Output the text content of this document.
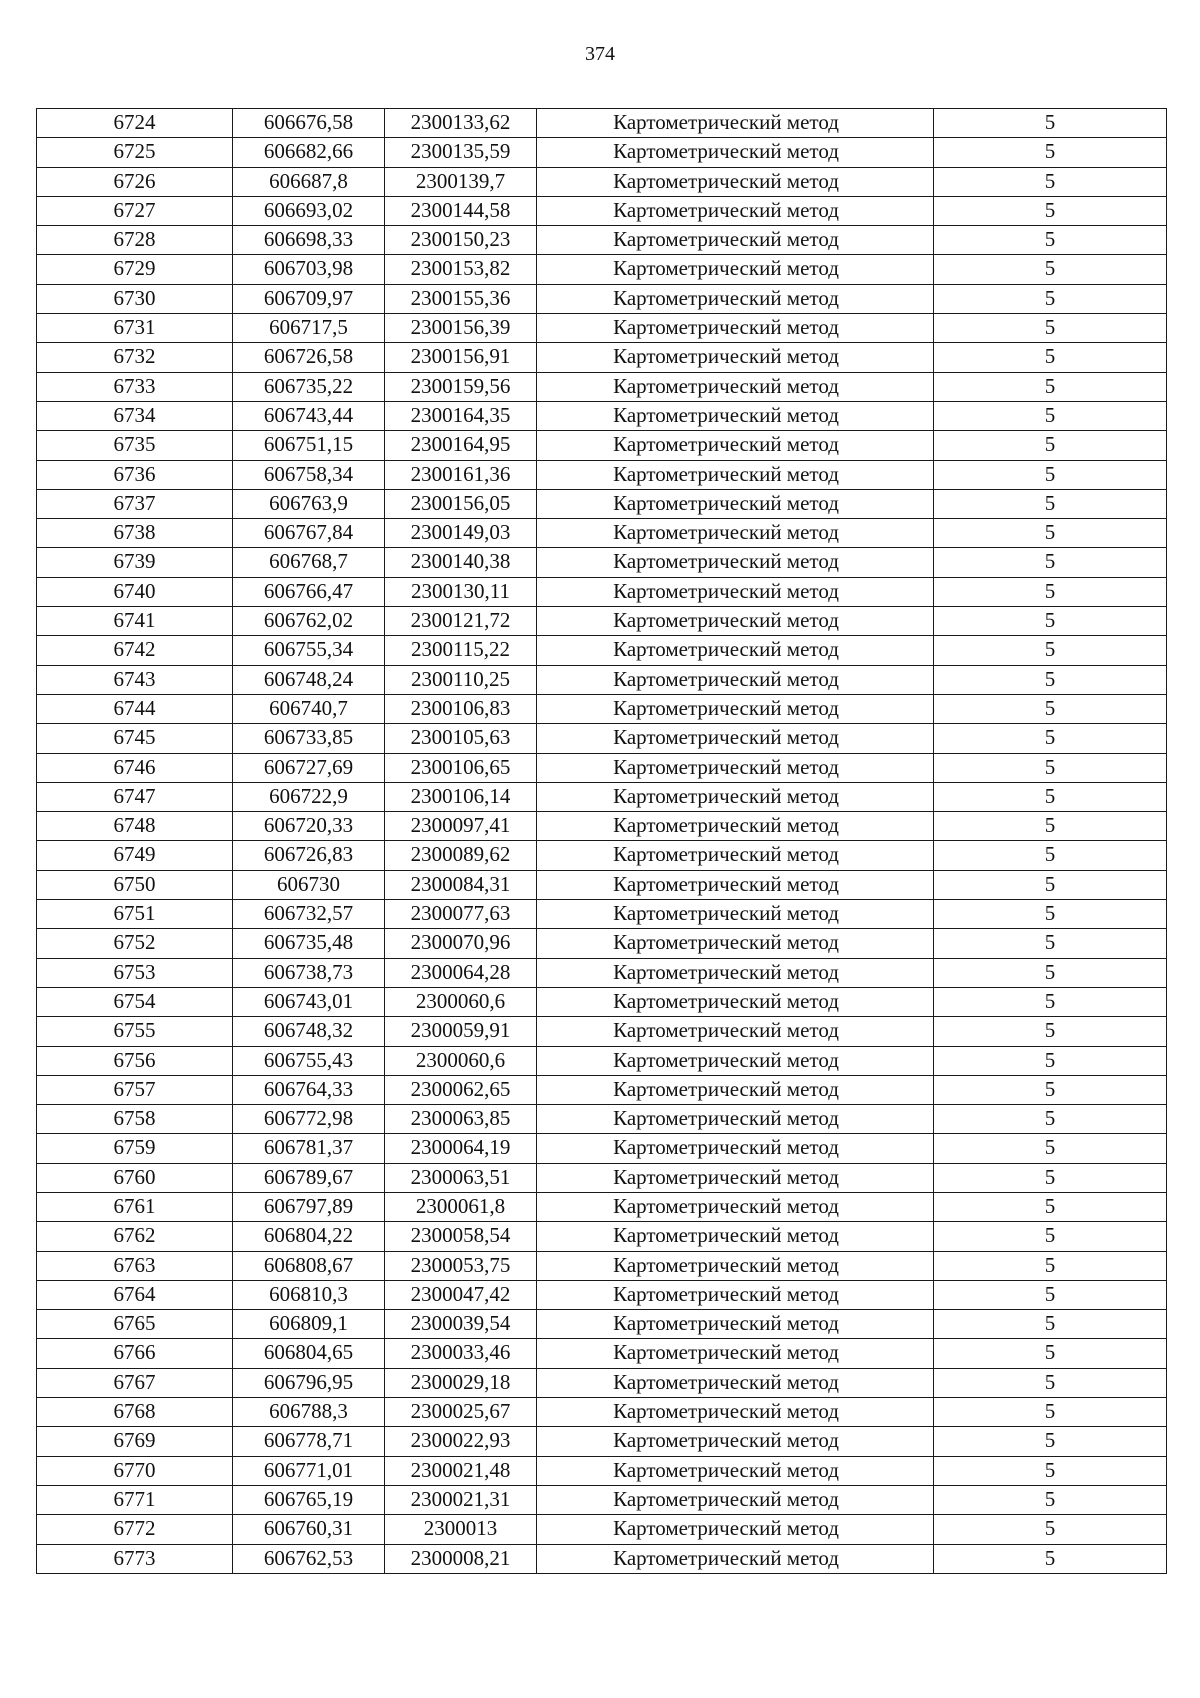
374
6724	606676,58	2300133,62	Картометрический метод	5
6725	606682,66	2300135,59	Картометрический метод	5
6726	606687,8	2300139,7	Картометрический метод	5
6727	606693,02	2300144,58	Картометрический метод	5
6728	606698,33	2300150,23	Картометрический метод	5
6729	606703,98	2300153,82	Картометрический метод	5
6730	606709,97	2300155,36	Картометрический метод	5
6731	606717,5	2300156,39	Картометрический метод	5
6732	606726,58	2300156,91	Картометрический метод	5
6733	606735,22	2300159,56	Картометрический метод	5
6734	606743,44	2300164,35	Картометрический метод	5
6735	606751,15	2300164,95	Картометрический метод	5
6736	606758,34	2300161,36	Картометрический метод	5
6737	606763,9	2300156,05	Картометрический метод	5
6738	606767,84	2300149,03	Картометрический метод	5
6739	606768,7	2300140,38	Картометрический метод	5
6740	606766,47	2300130,11	Картометрический метод	5
6741	606762,02	2300121,72	Картометрический метод	5
6742	606755,34	2300115,22	Картометрический метод	5
6743	606748,24	2300110,25	Картометрический метод	5
6744	606740,7	2300106,83	Картометрический метод	5
6745	606733,85	2300105,63	Картометрический метод	5
6746	606727,69	2300106,65	Картометрический метод	5
6747	606722,9	2300106,14	Картометрический метод	5
6748	606720,33	2300097,41	Картометрический метод	5
6749	606726,83	2300089,62	Картометрический метод	5
6750	606730	2300084,31	Картометрический метод	5
6751	606732,57	2300077,63	Картометрический метод	5
6752	606735,48	2300070,96	Картометрический метод	5
6753	606738,73	2300064,28	Картометрический метод	5
6754	606743,01	2300060,6	Картометрический метод	5
6755	606748,32	2300059,91	Картометрический метод	5
6756	606755,43	2300060,6	Картометрический метод	5
6757	606764,33	2300062,65	Картометрический метод	5
6758	606772,98	2300063,85	Картометрический метод	5
6759	606781,37	2300064,19	Картометрический метод	5
6760	606789,67	2300063,51	Картометрический метод	5
6761	606797,89	2300061,8	Картометрический метод	5
6762	606804,22	2300058,54	Картометрический метод	5
6763	606808,67	2300053,75	Картометрический метод	5
6764	606810,3	2300047,42	Картометрический метод	5
6765	606809,1	2300039,54	Картометрический метод	5
6766	606804,65	2300033,46	Картометрический метод	5
6767	606796,95	2300029,18	Картометрический метод	5
6768	606788,3	2300025,67	Картометрический метод	5
6769	606778,71	2300022,93	Картометрический метод	5
6770	606771,01	2300021,48	Картометрический метод	5
6771	606765,19	2300021,31	Картометрический метод	5
6772	606760,31	2300013	Картометрический метод	5
6773	606762,53	2300008,21	Картометрический метод	5
